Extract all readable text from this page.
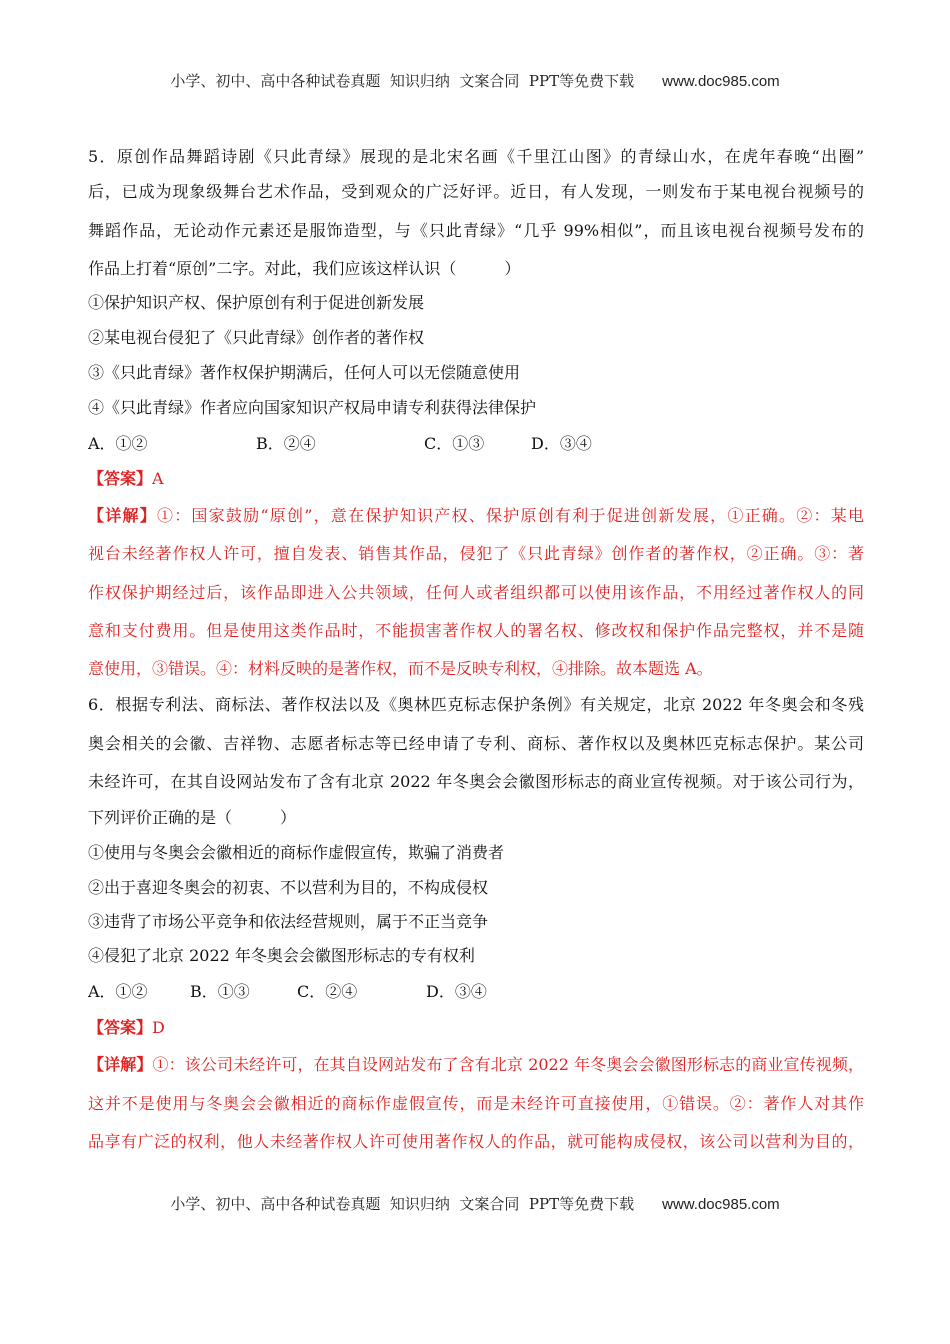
小学、初中、高中各种试卷真题  知识归纳  文案合同  PPT等免费下载 www.doc985.com
5．原创作品舞蹈诗剧《只此青绿》展现的是北宋名画《千里江山图》的青绿山水，在虎年春晚“出圈”
后，已成为现象级舞台艺术作品，受到观众的广泛好评。近日，有人发现，一则发布于某电视台视频号的
舞蹈作品，无论动作元素还是服饰造型，与《只此青绿》“几乎 99%相似”，而且该电视台视频号发布的
作品上打着“原创”二字。对此，我们应该这样认识（　　　）
①保护知识产权、保护原创有利于促进创新发展
②某电视台侵犯了《只此青绿》创作者的著作权
③《只此青绿》著作权保护期满后，任何人可以无偿随意使用
④《只此青绿》作者应向国家知识产权局申请专利获得法律保护
A．①②	B．②④	C．①③	D．③④
【答案】A
【详解】①：国家鼓励“原创”，意在保护知识产权、保护原创有利于促进创新发展，①正确。②：某电
视台未经著作权人许可，擅自发表、销售其作品，侵犯了《只此青绿》创作者的著作权，②正确。③：著
作权保护期经过后，该作品即进入公共领域，任何人或者组织都可以使用该作品，不用经过著作权人的同
意和支付费用。但是使用这类作品时，不能损害著作权人的署名权、修改权和保护作品完整权，并不是随
意使用，③错误。④：材料反映的是著作权，而不是反映专利权，④排除。故本题选 A。
6．根据专利法、商标法、著作权法以及《奥林匹克标志保护条例》有关规定，北京 2022 年冬奥会和冬残
奥会相关的会徽、吉祥物、志愿者标志等已经申请了专利、商标、著作权以及奥林匹克标志保护。某公司
未经许可，在其自设网站发布了含有北京 2022 年冬奥会会徽图形标志的商业宣传视频。对于该公司行为，
下列评价正确的是（　　　）
①使用与冬奥会会徽相近的商标作虚假宣传，欺骗了消费者
②出于喜迎冬奥会的初衷、不以营利为目的，不构成侵权
③违背了市场公平竞争和依法经营规则，属于不正当竞争
④侵犯了北京 2022 年冬奥会会徽图形标志的专有权利
A．①②	B．①③	C．②④	D．③④
【答案】D
【详解】①：该公司未经许可，在其自设网站发布了含有北京 2022 年冬奥会会徽图形标志的商业宣传视频，
这并不是使用与冬奥会会徽相近的商标作虚假宣传，而是未经许可直接使用，①错误。②：著作人对其作
品享有广泛的权利，他人未经著作权人许可使用著作权人的作品，就可能构成侵权，该公司以营利为目的，
小学、初中、高中各种试卷真题  知识归纳  文案合同  PPT等免费下载 www.doc985.com
